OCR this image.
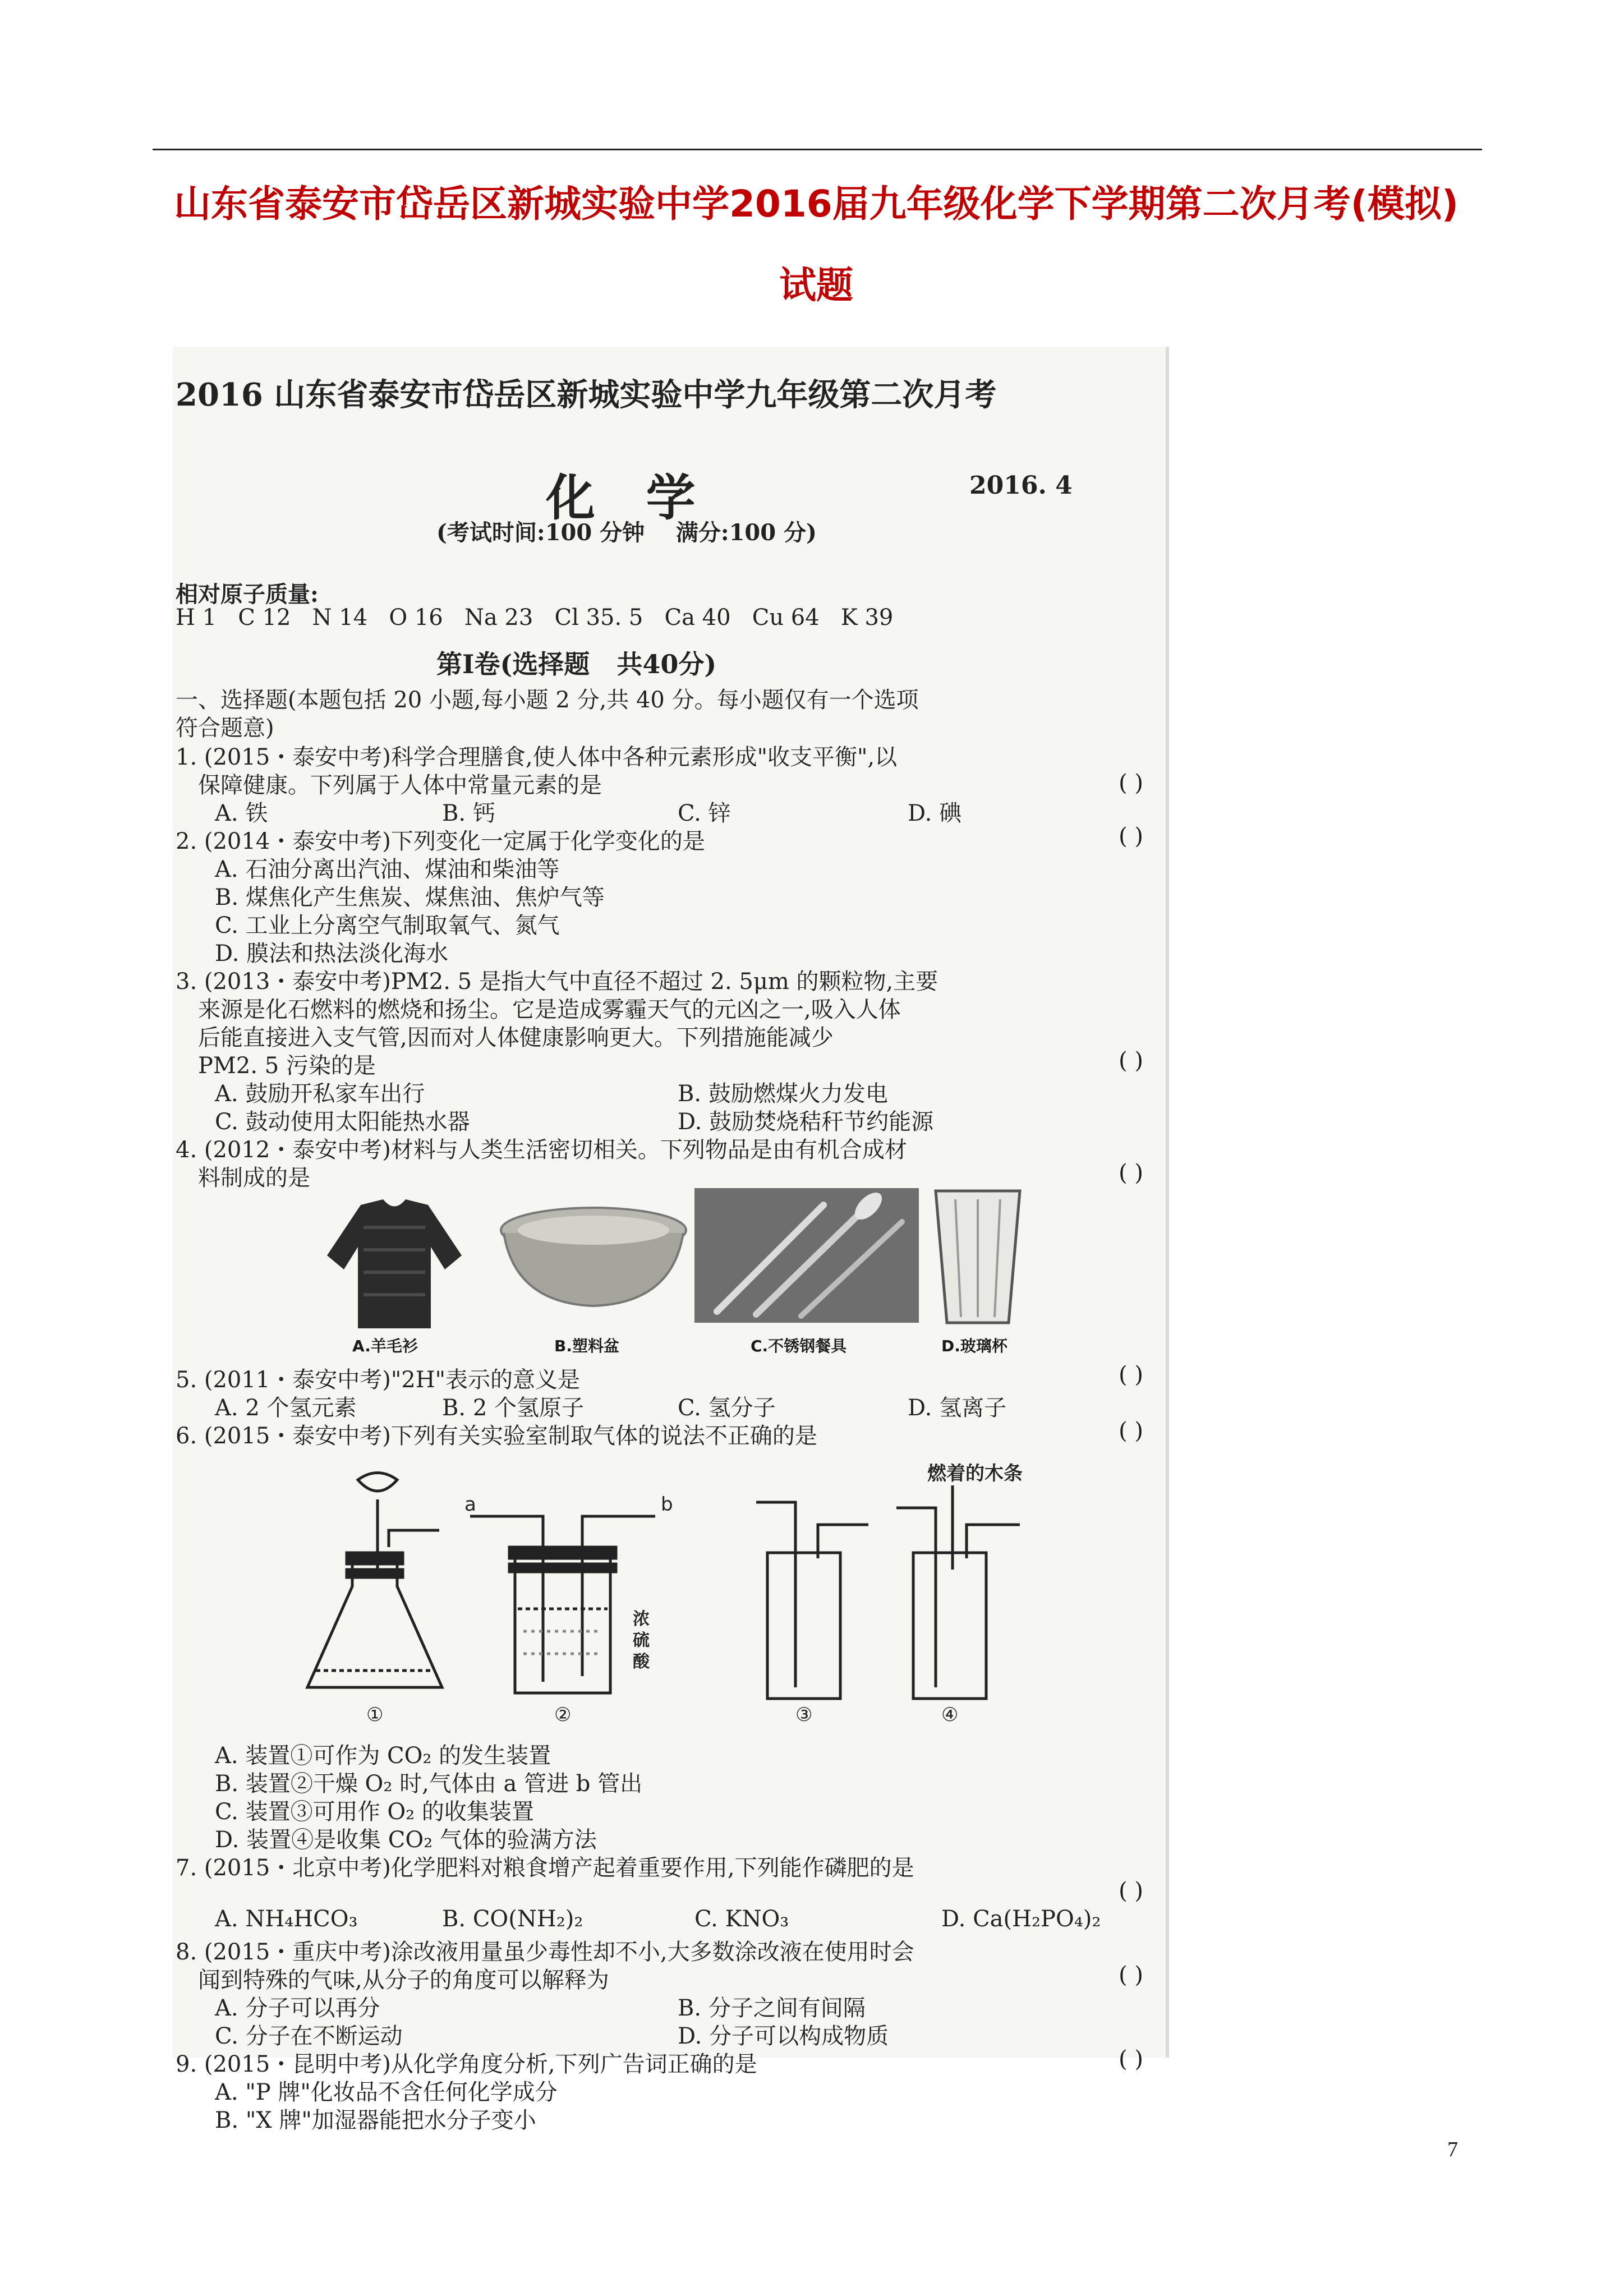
山东省泰安市岱岳区新城实验中学2016届九年级化学下学期第二次月考(模拟)
试题
2016 山东省泰安市岱岳区新城实验中学九年级第二次月考
化 学	2016. 4
(考试时间:100 分钟    满分:100 分)
相对原子质量:
H 1   C 12   N 14   O 16   Na 23   Cl 35. 5   Ca 40   Cu 64   K 39
第Ⅰ卷(选择题   共40分)
一、选择题(本题包括 20 小题,每小题 2 分,共 40 分。每小题仅有一个选项
符合题意)
1. (2015・泰安中考)科学合理膳食,使人体中各种元素形成"收支平衡",以
保障健康。下列属于人体中常量元素的是
A. 铁	B. 钙	C. 锌	D. 碘
( )
2. (2014・泰安中考)下列变化一定属于化学变化的是	( )
A. 石油分离出汽油、煤油和柴油等
B. 煤焦化产生焦炭、煤焦油、焦炉气等
C. 工业上分离空气制取氧气、氮气
D. 膜法和热法淡化海水
3. (2013・泰安中考)PM2. 5 是指大气中直径不超过 2. 5μm 的颗粒物,主要
来源是化石燃料的燃烧和扬尘。它是造成雾霾天气的元凶之一,吸入人体
后能直接进入支气管,因而对人体健康影响更大。下列措施能减少
PM2. 5 污染的是	( )
A. 鼓励开私家车出行	B. 鼓励燃煤火力发电
C. 鼓动使用太阳能热水器	D. 鼓励焚烧秸秆节约能源
4. (2012・泰安中考)材料与人类生活密切相关。下列物品是由有机合成材
料制成的是	( )
A.羊毛衫	B.塑料盆	C.不锈钢餐具	D.玻璃杯
5. (2011・泰安中考)"2H"表示的意义是	( )
A. 2 个氢元素	B. 2 个氢原子	C. 氢分子	D. 氢离子
6. (2015・泰安中考)下列有关实验室制取气体的说法不正确的是	( )
a	b
燃着的木条
①	②	③	④
浓硫酸
A. 装置①可作为 CO₂ 的发生装置
B. 装置②干燥 O₂ 时,气体由 a 管进 b 管出
C. 装置③可用作 O₂ 的收集装置
D. 装置④是收集 CO₂ 气体的验满方法
7. (2015・北京中考)化学肥料对粮食增产起着重要作用,下列能作磷肥的是
( )
A. NH₄HCO₃	B. CO(NH₂)₂	C. KNO₃	D. Ca(H₂PO₄)₂
8. (2015・重庆中考)涂改液用量虽少毒性却不小,大多数涂改液在使用时会
闻到特殊的气味,从分子的角度可以解释为	( )
A. 分子可以再分	B. 分子之间有间隔
C. 分子在不断运动	D. 分子可以构成物质
9. (2015・昆明中考)从化学角度分析,下列广告词正确的是	( )
A. "P 牌"化妆品不含任何化学成分
B. "X 牌"加湿器能把水分子变小
7
